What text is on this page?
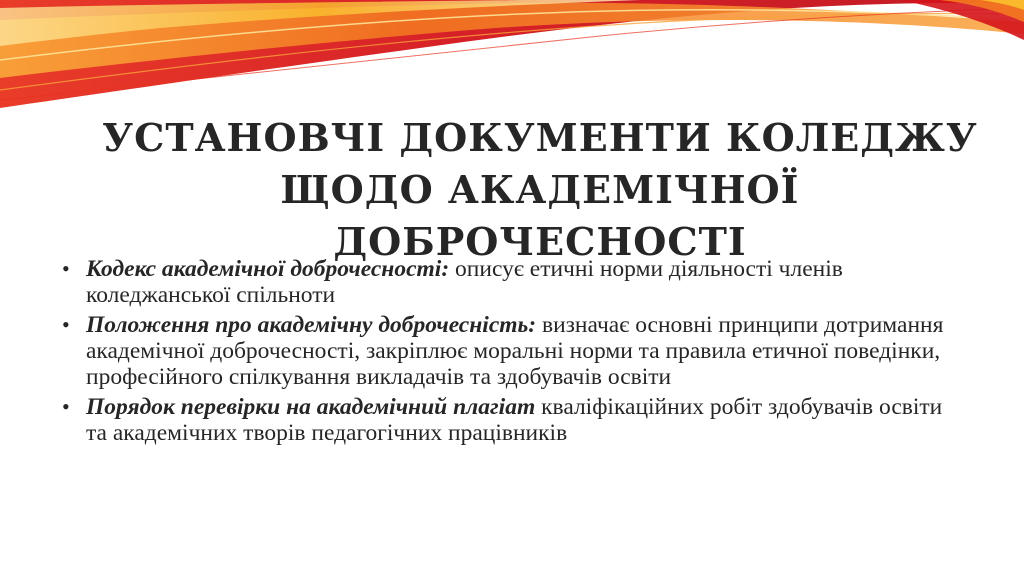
УСТАНОВЧІ ДОКУМЕНТИ КОЛЕДЖУ
ЩОДО АКАДЕМІЧНОЇ ДОБРОЧЕСНОСТІ
• Кодекс академічної доброчесності: описує етичні норми діяльності членів коледжанської спільноти
• Положення про академічну доброчесність: визначає основні принципи дотримання академічної доброчесності, закріплює моральні норми та правила етичної поведінки, професійного спілкування викладачів та здобувачів освіти
• Порядок перевірки на академічний плагіат кваліфікаційних робіт здобувачів освіти та академічних творів педагогічних працівників
